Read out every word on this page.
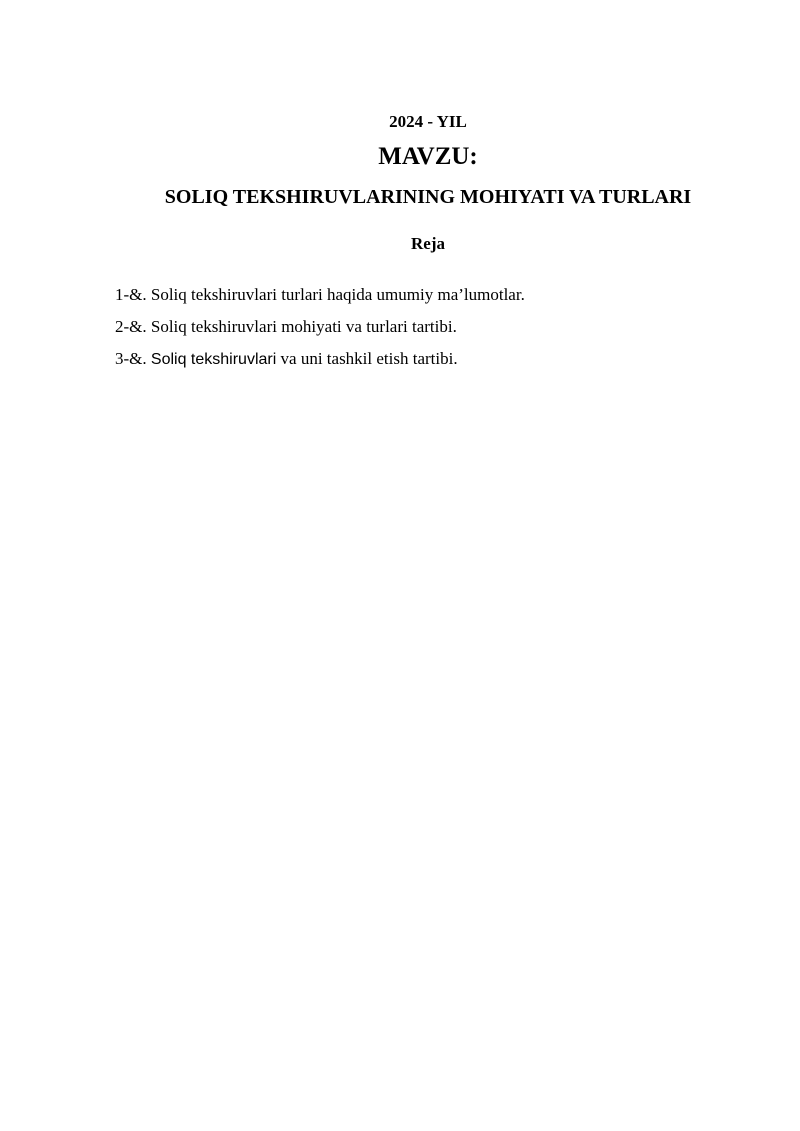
2024 - YIL
MAVZU:
SOLIQ TEKSHIRUVLARINING MOHIYATI VA TURLARI
Reja
1-&. Soliq tekshiruvlari turlari haqida umumiy ma’lumotlar.
2-&. Soliq tekshiruvlari mohiyati va turlari tartibi.
3-&. Soliq tekshiruvlari va uni tashkil etish tartibi.
